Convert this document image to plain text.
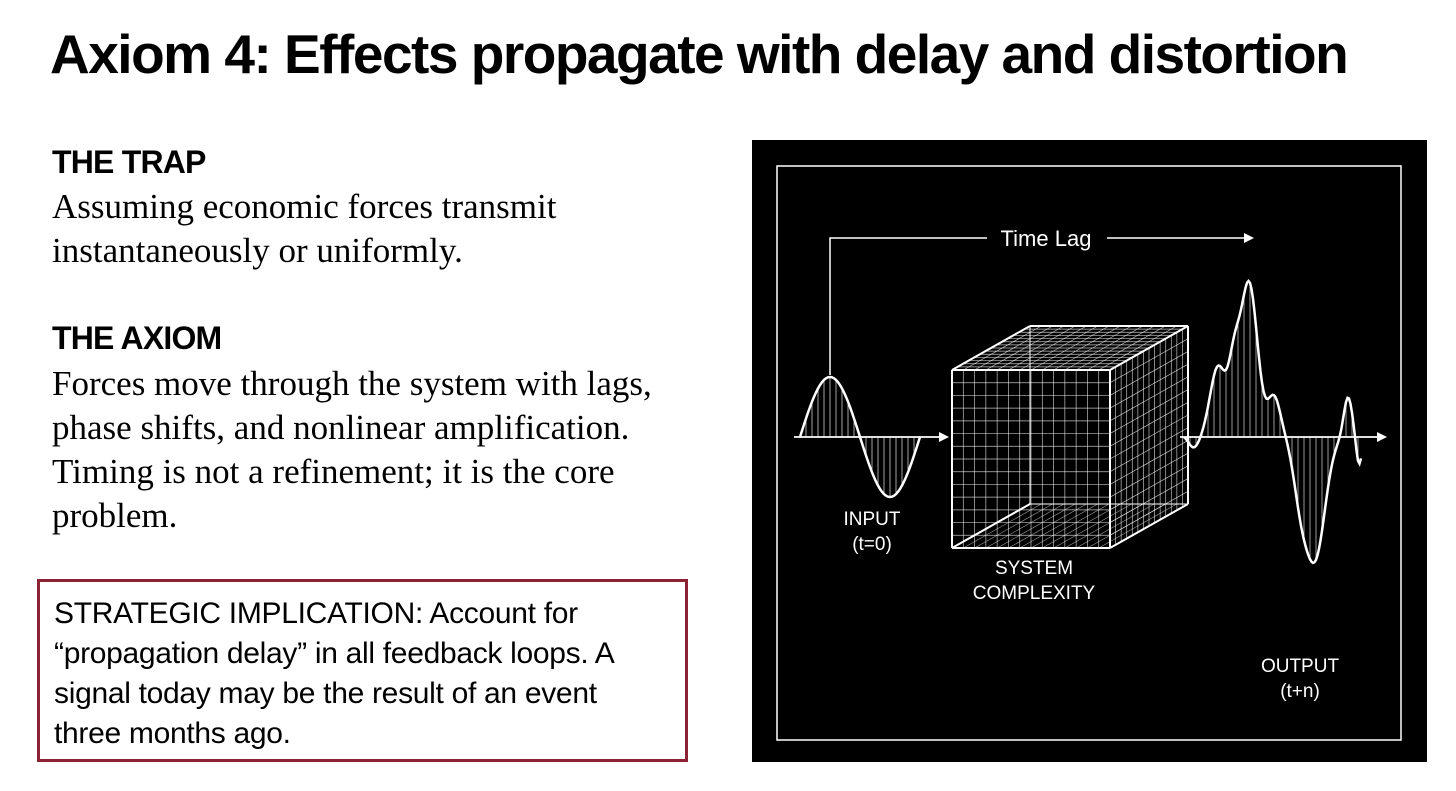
Axiom 4: Effects propagate with delay and distortion
THE TRAP

Assuming economic forces transmit instantaneously or uniformly.

THE AXIOM

Forces move through the system with lags, phase shifts, and nonlinear amplification. Timing is not a refinement; it is the core problem.

STRATEGIC IMPLICATION: Account for “propagation delay” in all feedback loops. A signal today may be the result of an event three months ago.

Time Lag
INPUT
(t=0)
SYSTEM
COMPLEXITY
OUTPUT
(t+n)
